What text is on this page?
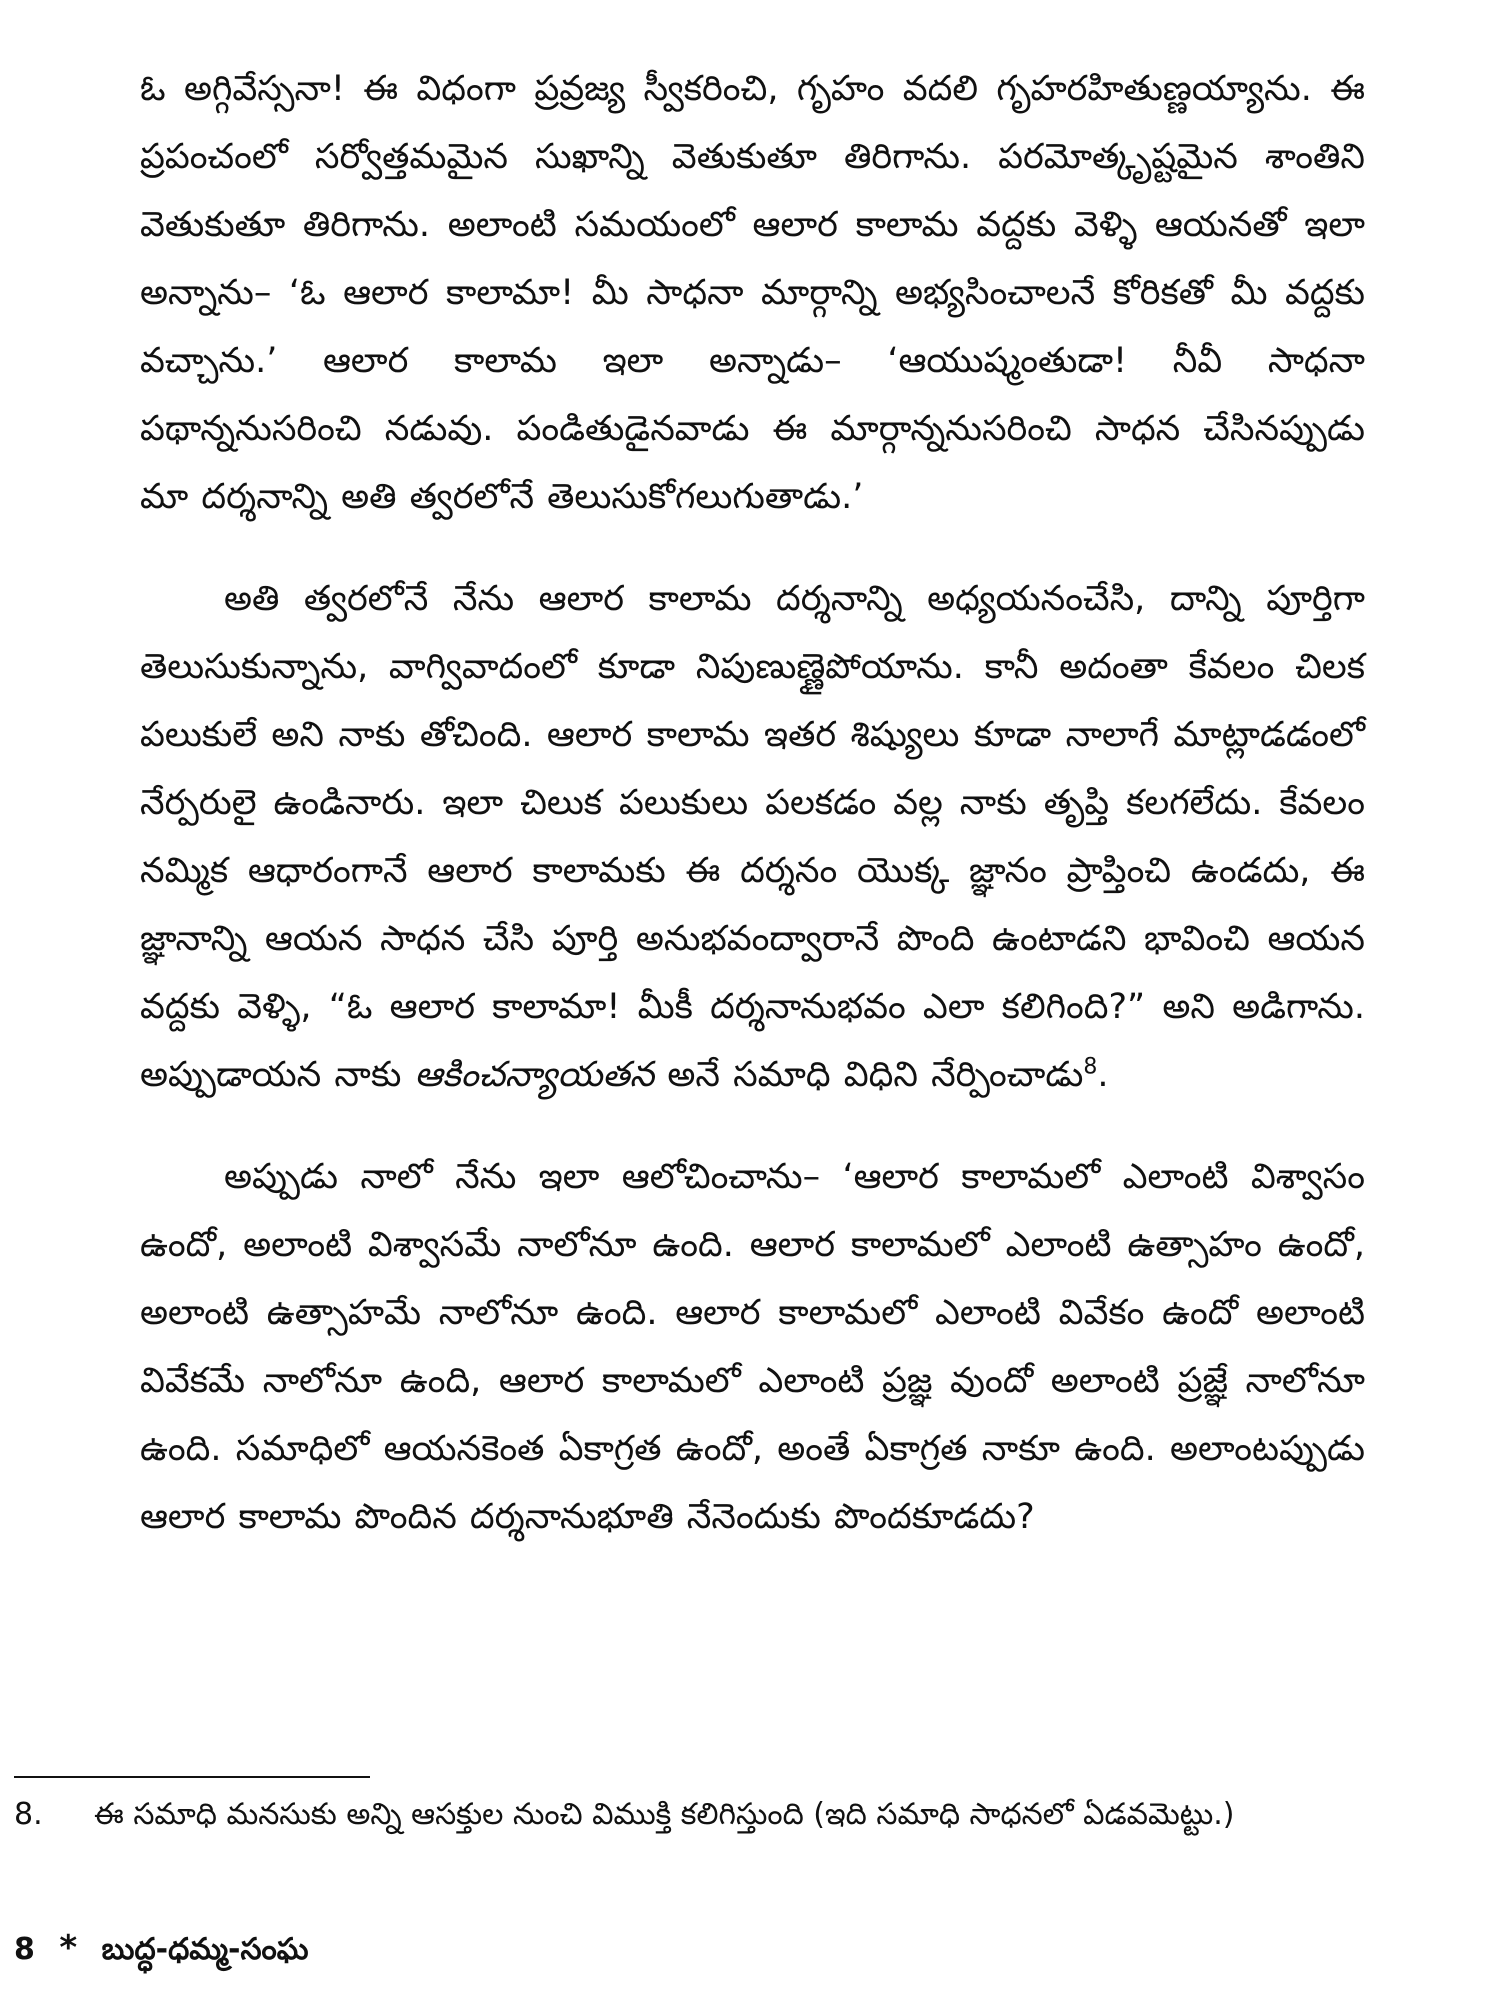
ఓ అగ్గివేస్సనా! ఈ విధంగా ప్రవ్రజ్య స్వీకరించి, గృహం వదలి గృహరహితుణ్ణయ్యాను. ఈ ప్రపంచంలో సర్వోత్తమమైన సుఖాన్ని వెతుకుతూ తిరిగాను. పరమోత్కృష్టమైన శాంతిని వెతుకుతూ తిరిగాను. అలాంటి సమయంలో ఆలార కాలామ వద్దకు వెళ్ళి ఆయనతో ఇలా అన్నాను– ‘ఓ ఆలార కాలామా! మీ సాధనా మార్గాన్ని అభ్యసించాలనే కోరికతో మీ వద్దకు వచ్చాను.’ ఆలార కాలామ ఇలా అన్నాడు– ‘ఆయుష్మంతుడా! నీవీ సాధనా పథాన్ననుసరించి నడువు. పండితుడైనవాడు ఈ మార్గాన్ననుసరించి సాధన చేసినప్పుడు మా దర్శనాన్ని అతి త్వరలోనే తెలుసుకోగలుగుతాడు.’

అతి త్వరలోనే నేను ఆలార కాలామ దర్శనాన్ని అధ్యయనంచేసి, దాన్ని పూర్తిగా తెలుసుకున్నాను, వాగ్వివాదంలో కూడా నిపుణుణ్ణైపోయాను. కానీ అదంతా కేవలం చిలక పలుకులే అని నాకు తోచింది. ఆలార కాలామ ఇతర శిష్యులు కూడా నాలాగే మాట్లాడడంలో నేర్పరులై ఉండినారు. ఇలా చిలుక పలుకులు పలకడం వల్ల నాకు తృప్తి కలగలేదు. కేవలం నమ్మిక ఆధారంగానే ఆలార కాలామకు ఈ దర్శనం యొక్క జ్ఞానం ప్రాప్తించి ఉండదు, ఈ జ్ఞానాన్ని ఆయన సాధన చేసి పూర్తి అనుభవంద్వారానే పొంది ఉంటాడని భావించి ఆయన వద్దకు వెళ్ళి, “ఓ ఆలార కాలామా! మీకీ దర్శనానుభవం ఎలా కలిగింది?” అని అడిగాను. అప్పుడాయన నాకు ఆకించన్యాయతన అనే సమాధి విధిని నేర్పించాడు$^8$.

అప్పుడు నాలో నేను ఇలా ఆలోచించాను– ‘ఆలార కాలామలో ఎలాంటి విశ్వాసం ఉందో, అలాంటి విశ్వాసమే నాలోనూ ఉంది. ఆలార కాలామలో ఎలాంటి ఉత్సాహం ఉందో, అలాంటి ఉత్సాహమే నాలోనూ ఉంది. ఆలార కాలామలో ఎలాంటి వివేకం ఉందో అలాంటి వివేకమే నాలోనూ ఉంది, ఆలార కాలామలో ఎలాంటి ప్రజ్ఞ వుందో అలాంటి ప్రజ్ఞే నాలోనూ ఉంది. సమాధిలో ఆయనకెంత ఏకాగ్రత ఉందో, అంతే ఏకాగ్రత నాకూ ఉంది. అలాంటప్పుడు ఆలార కాలామ పొందిన దర్శనానుభూతి నేనెందుకు పొందకూడదు?

8. ఈ సమాధి మనసుకు అన్ని ఆసక్తుల నుంచి విముక్తి కలిగిస్తుంది (ఇది సమాధి సాధనలో ఏడవమెట్టు.)
8 * బుద్ధ-ధమ్మ-సంఘ
